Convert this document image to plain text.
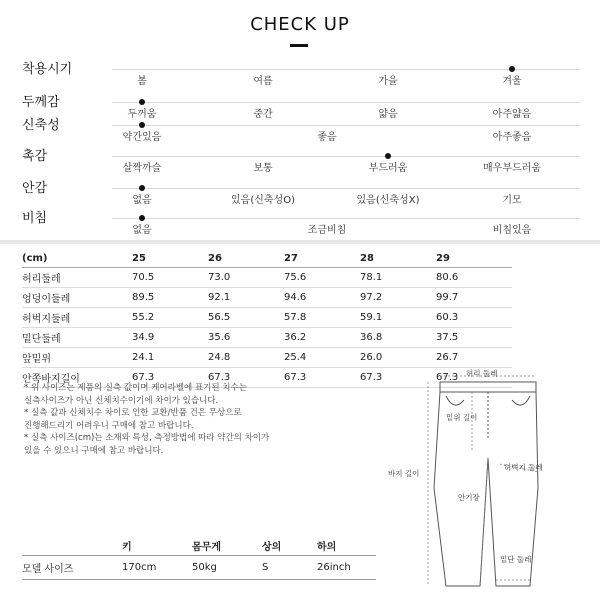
CHECK UP
착용시기
봄	여름	가을	겨울
두께감
두꺼움	중간	얇음	아주얇음
신축성
약간있음	좋음	아주좋음
촉감
살짝까슬	보통	부드러움	매우부드러움
안감
없음	있음(신축성O)	있음(신축성X)	기모
비침
없음	조금비침	비침있음
(cm)	25	26	27	28	29
허리둘레	70.5	73.0	75.6	78.1	80.6
엉덩이둘레	89.5	92.1	94.6	97.2	99.7
허벅지둘레	55.2	56.5	57.8	59.1	60.3
밑단둘레	34.9	35.6	36.2	36.8	37.5
앞밑위	24.1	24.8	25.4	26.0	26.7
안쪽바지길이	67.3	67.3	67.3	67.3	67.3
* 위 사이즈는 제품의 실측 값이며 케어라벨에 표기된 치수는
실측사이즈가 아닌 신체치수이기에 차이가 있습니다.
* 실측 값과 신체치수 차이로 인한 교환/반품 건은 무상으로
진행해드리기 어려우니 구매에 참고 바랍니다.
* 실측 사이즈(cm)는 소재와 특성, 측정방법에 따라 약간의 차이가
있을 수 있으니 구매에 참고 바랍니다.
	키	몸무게	상의	하의
모델 사이즈	170cm	50kg	S	26inch
허리 둘레
밑위 길이
바지 길이
허벅지 둘레
안기장
밑단 둘레
